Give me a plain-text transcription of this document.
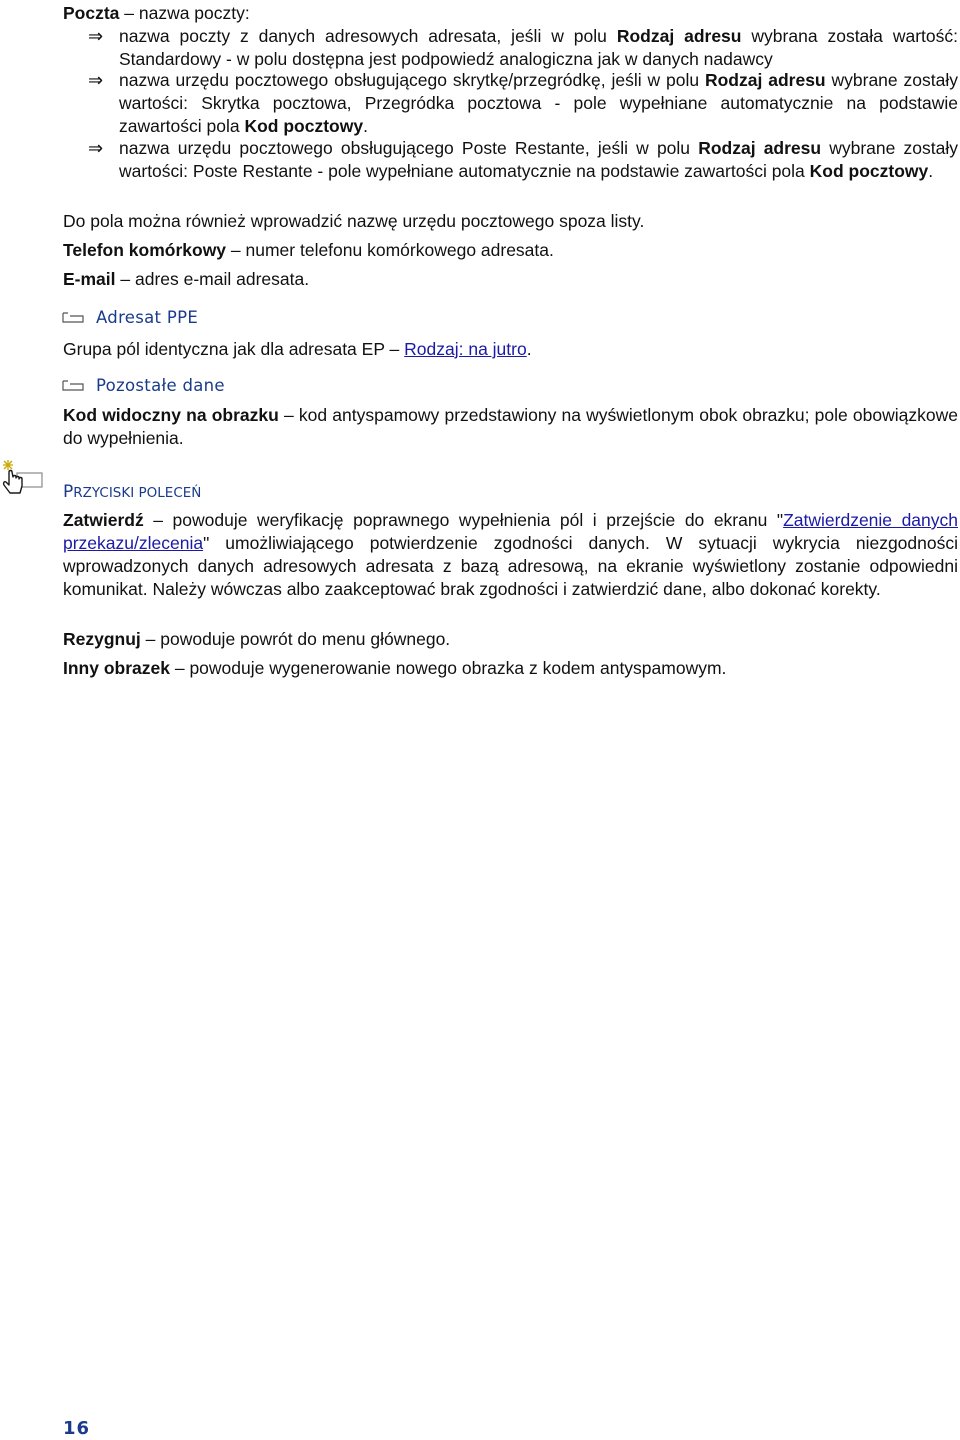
Poczta – nazwa poczty:
⇒ nazwa poczty z danych adresowych adresata, jeśli w polu Rodzaj adresu wybrana została wartość: Standardowy - w polu dostępna jest podpowiedź analogiczna jak w danych nadawcy
⇒ nazwa urzędu pocztowego obsługującego skrytkę/przegródkę, jeśli w polu Rodzaj adresu wybrane zostały wartości: Skrytka pocztowa, Przegródka pocztowa - pole wypełniane automatycznie na podstawie zawartości pola Kod pocztowy.
⇒ nazwa urzędu pocztowego obsługującego Poste Restante, jeśli w polu Rodzaj adresu wybrane zostały wartości: Poste Restante - pole wypełniane automatycznie na podstawie zawartości pola Kod pocztowy.
Do pola można również wprowadzić nazwę urzędu pocztowego spoza listy.
Telefon komórkowy – numer telefonu komórkowego adresata.
E-mail – adres e-mail adresata.
Adresat PPE
Grupa pól identyczna jak dla adresata EP – Rodzaj: na jutro.
Pozostałe dane
Kod widoczny na obrazku – kod antyspamowy przedstawiony na wyświetlonym obok obrazku; pole obowiązkowe do wypełnienia.
PRZYCISKI POLECEŃ
Zatwierdź – powoduje weryfikację poprawnego wypełnienia pól i przejście do ekranu "Zatwierdzenie danych przekazu/zlecenia" umożliwiającego potwierdzenie zgodności danych. W sytuacji wykrycia niezgodności wprowadzonych danych adresowych adresata z bazą adresową, na ekranie wyświetlony zostanie odpowiedni komunikat. Należy wówczas albo zaakceptować brak zgodności i zatwierdzić dane, albo dokonać korekty.
Rezygnuj – powoduje powrót do menu głównego.
Inny obrazek – powoduje wygenerowanie nowego obrazka z kodem antyspamowym.
16
